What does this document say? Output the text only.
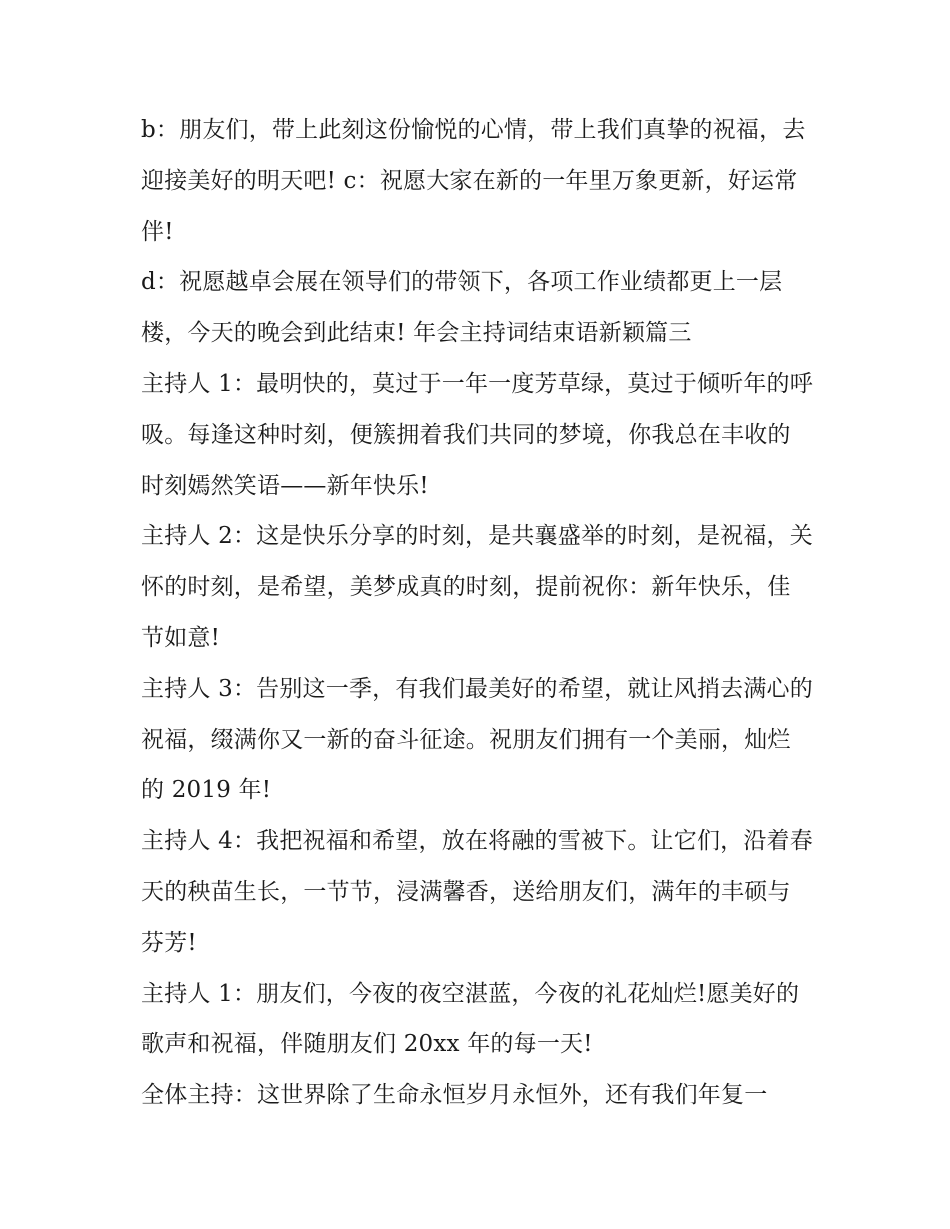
b：朋友们，带上此刻这份愉悦的心情，带上我们真挚的祝福，去迎接美好的明天吧! c：祝愿大家在新的一年里万象更新，好运常伴!

d：祝愿越卓会展在领导们的带领下，各项工作业绩都更上一层楼，今天的晚会到此结束! 年会主持词结束语新颖篇三

主持人 1：最明快的，莫过于一年一度芳草绿，莫过于倾听年的呼吸。每逢这种时刻，便簇拥着我们共同的梦境，你我总在丰收的时刻嫣然笑语——新年快乐!

主持人 2：这是快乐分享的时刻，是共襄盛举的时刻，是祝福，关怀的时刻，是希望，美梦成真的时刻，提前祝你：新年快乐，佳节如意!

主持人 3：告别这一季，有我们最美好的希望，就让风捎去满心的祝福，缀满你又一新的奋斗征途。祝朋友们拥有一个美丽，灿烂的 2019 年!

主持人 4：我把祝福和希望，放在将融的雪被下。让它们，沿着春天的秧苗生长，一节节，浸满馨香，送给朋友们，满年的丰硕与芬芳!

主持人 1：朋友们，今夜的夜空湛蓝，今夜的礼花灿烂!愿美好的歌声和祝福，伴随朋友们 20xx 年的每一天!

全体主持：这世界除了生命永恒岁月永恒外，还有我们年复一
